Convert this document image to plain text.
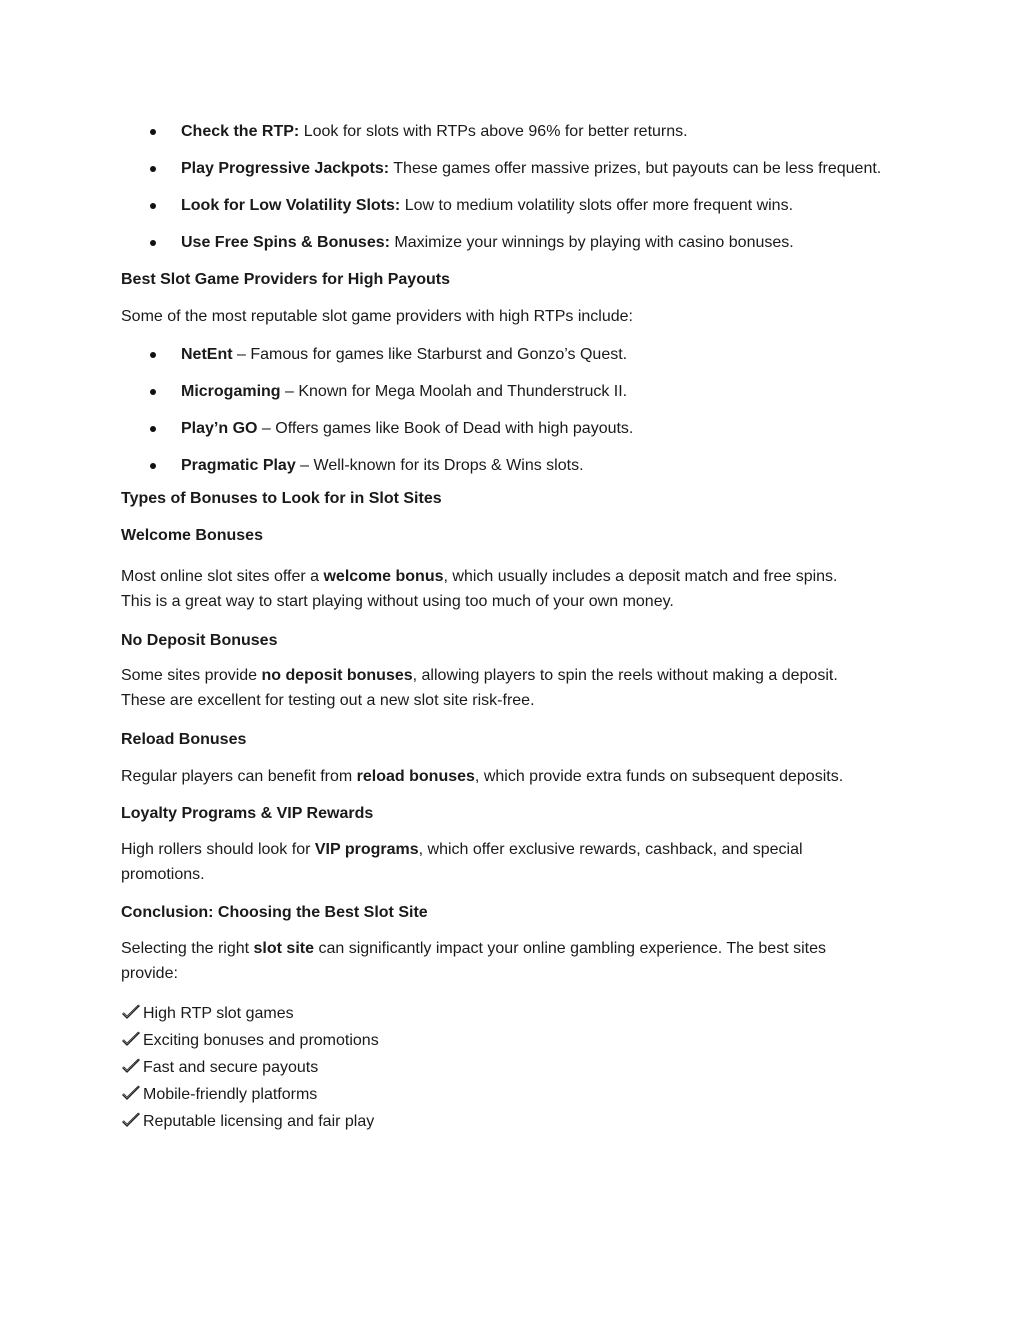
Check the RTP: Look for slots with RTPs above 96% for better returns.
Play Progressive Jackpots: These games offer massive prizes, but payouts can be less frequent.
Look for Low Volatility Slots: Low to medium volatility slots offer more frequent wins.
Use Free Spins & Bonuses: Maximize your winnings by playing with casino bonuses.
Best Slot Game Providers for High Payouts
Some of the most reputable slot game providers with high RTPs include:
NetEnt – Famous for games like Starburst and Gonzo’s Quest.
Microgaming – Known for Mega Moolah and Thunderstruck II.
Play’n GO – Offers games like Book of Dead with high payouts.
Pragmatic Play – Well-known for its Drops & Wins slots.
Types of Bonuses to Look for in Slot Sites
Welcome Bonuses
Most online slot sites offer a welcome bonus, which usually includes a deposit match and free spins.
This is a great way to start playing without using too much of your own money.
No Deposit Bonuses
Some sites provide no deposit bonuses, allowing players to spin the reels without making a deposit.
These are excellent for testing out a new slot site risk-free.
Reload Bonuses
Regular players can benefit from reload bonuses, which provide extra funds on subsequent deposits.
Loyalty Programs & VIP Rewards
High rollers should look for VIP programs, which offer exclusive rewards, cashback, and special
promotions.
Conclusion: Choosing the Best Slot Site
Selecting the right slot site can significantly impact your online gambling experience. The best sites
provide:
High RTP slot games
Exciting bonuses and promotions
Fast and secure payouts
Mobile-friendly platforms
Reputable licensing and fair play
